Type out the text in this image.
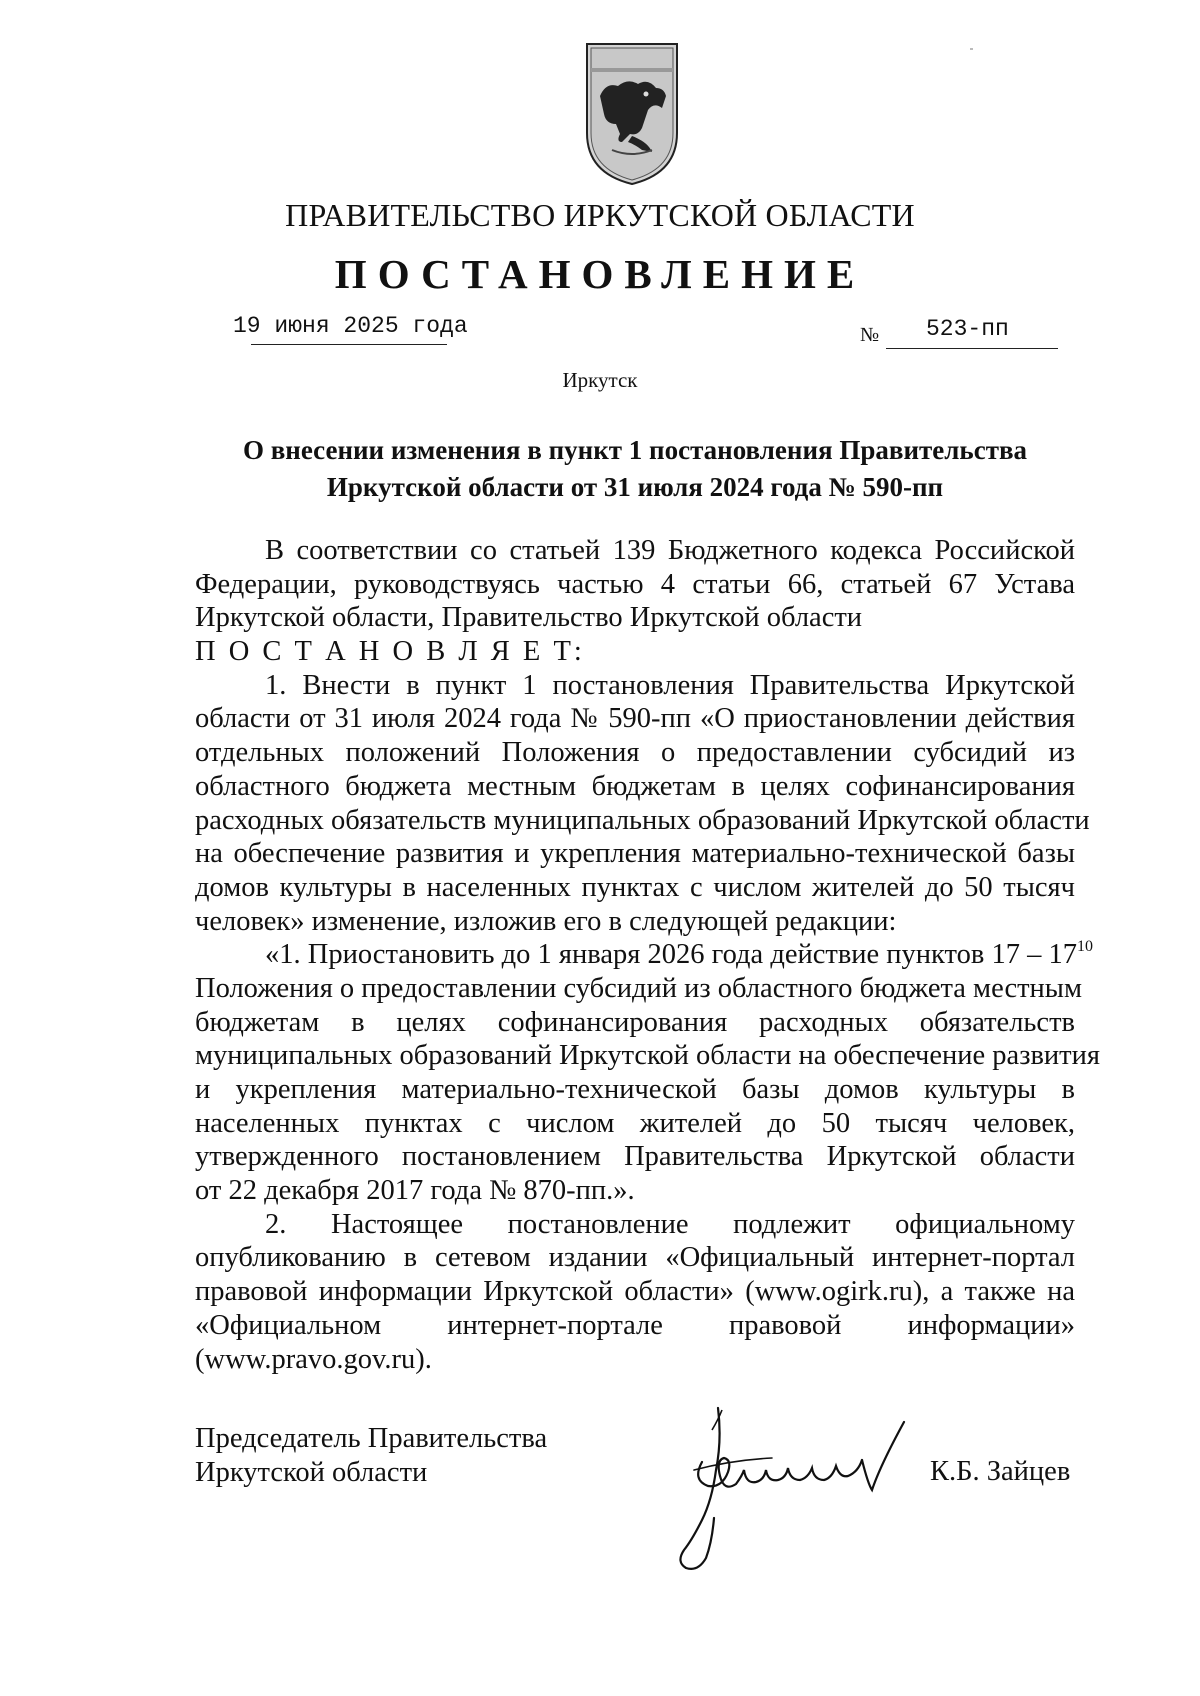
ПРАВИТЕЛЬСТВО ИРКУТСКОЙ ОБЛАСТИ
ПОСТАНОВЛЕНИЕ
19 июня 2025 года	№ 523-пп
Иркутск
О внесении изменения в пункт 1 постановления Правительства
Иркутской области от 31 июля 2024 года № 590-пп
В соответствии со статьей 139 Бюджетного кодекса Российской
Федерации, руководствуясь частью 4 статьи 66, статьей 67 Устава
Иркутской области, Правительство Иркутской области
П О С Т А Н О В Л Я Е Т:
1. Внести в пункт 1 постановления Правительства Иркутской
области от 31 июля 2024 года № 590-пп «О приостановлении действия
отдельных положений Положения о предоставлении субсидий из
областного бюджета местным бюджетам в целях софинансирования
расходных обязательств муниципальных образований Иркутской области
на обеспечение развития и укрепления материально-технической базы
домов культуры в населенных пунктах с числом жителей до 50 тысяч
человек» изменение, изложив его в следующей редакции:
«1. Приостановить до 1 января 2026 года действие пунктов $17 - 17^{10}$
Положения о предоставлении субсидий из областного бюджета местным
бюджетам в целях софинансирования расходных обязательств
муниципальных образований Иркутской области на обеспечение развития
и укрепления материально-технической базы домов культуры в
населенных пунктах с числом жителей до 50 тысяч человек,
утвержденного постановлением Правительства Иркутской области
от 22 декабря 2017 года № 870-пп.».
2. Настоящее постановление подлежит официальному
опубликованию в сетевом издании «Официальный интернет-портал
правовой информации Иркутской области» (www.ogirk.ru), а также на
«Официальном интернет-портале правовой информации»
(www.pravo.gov.ru).
Председатель Правительства
Иркутской области	К.Б. Зайцев
